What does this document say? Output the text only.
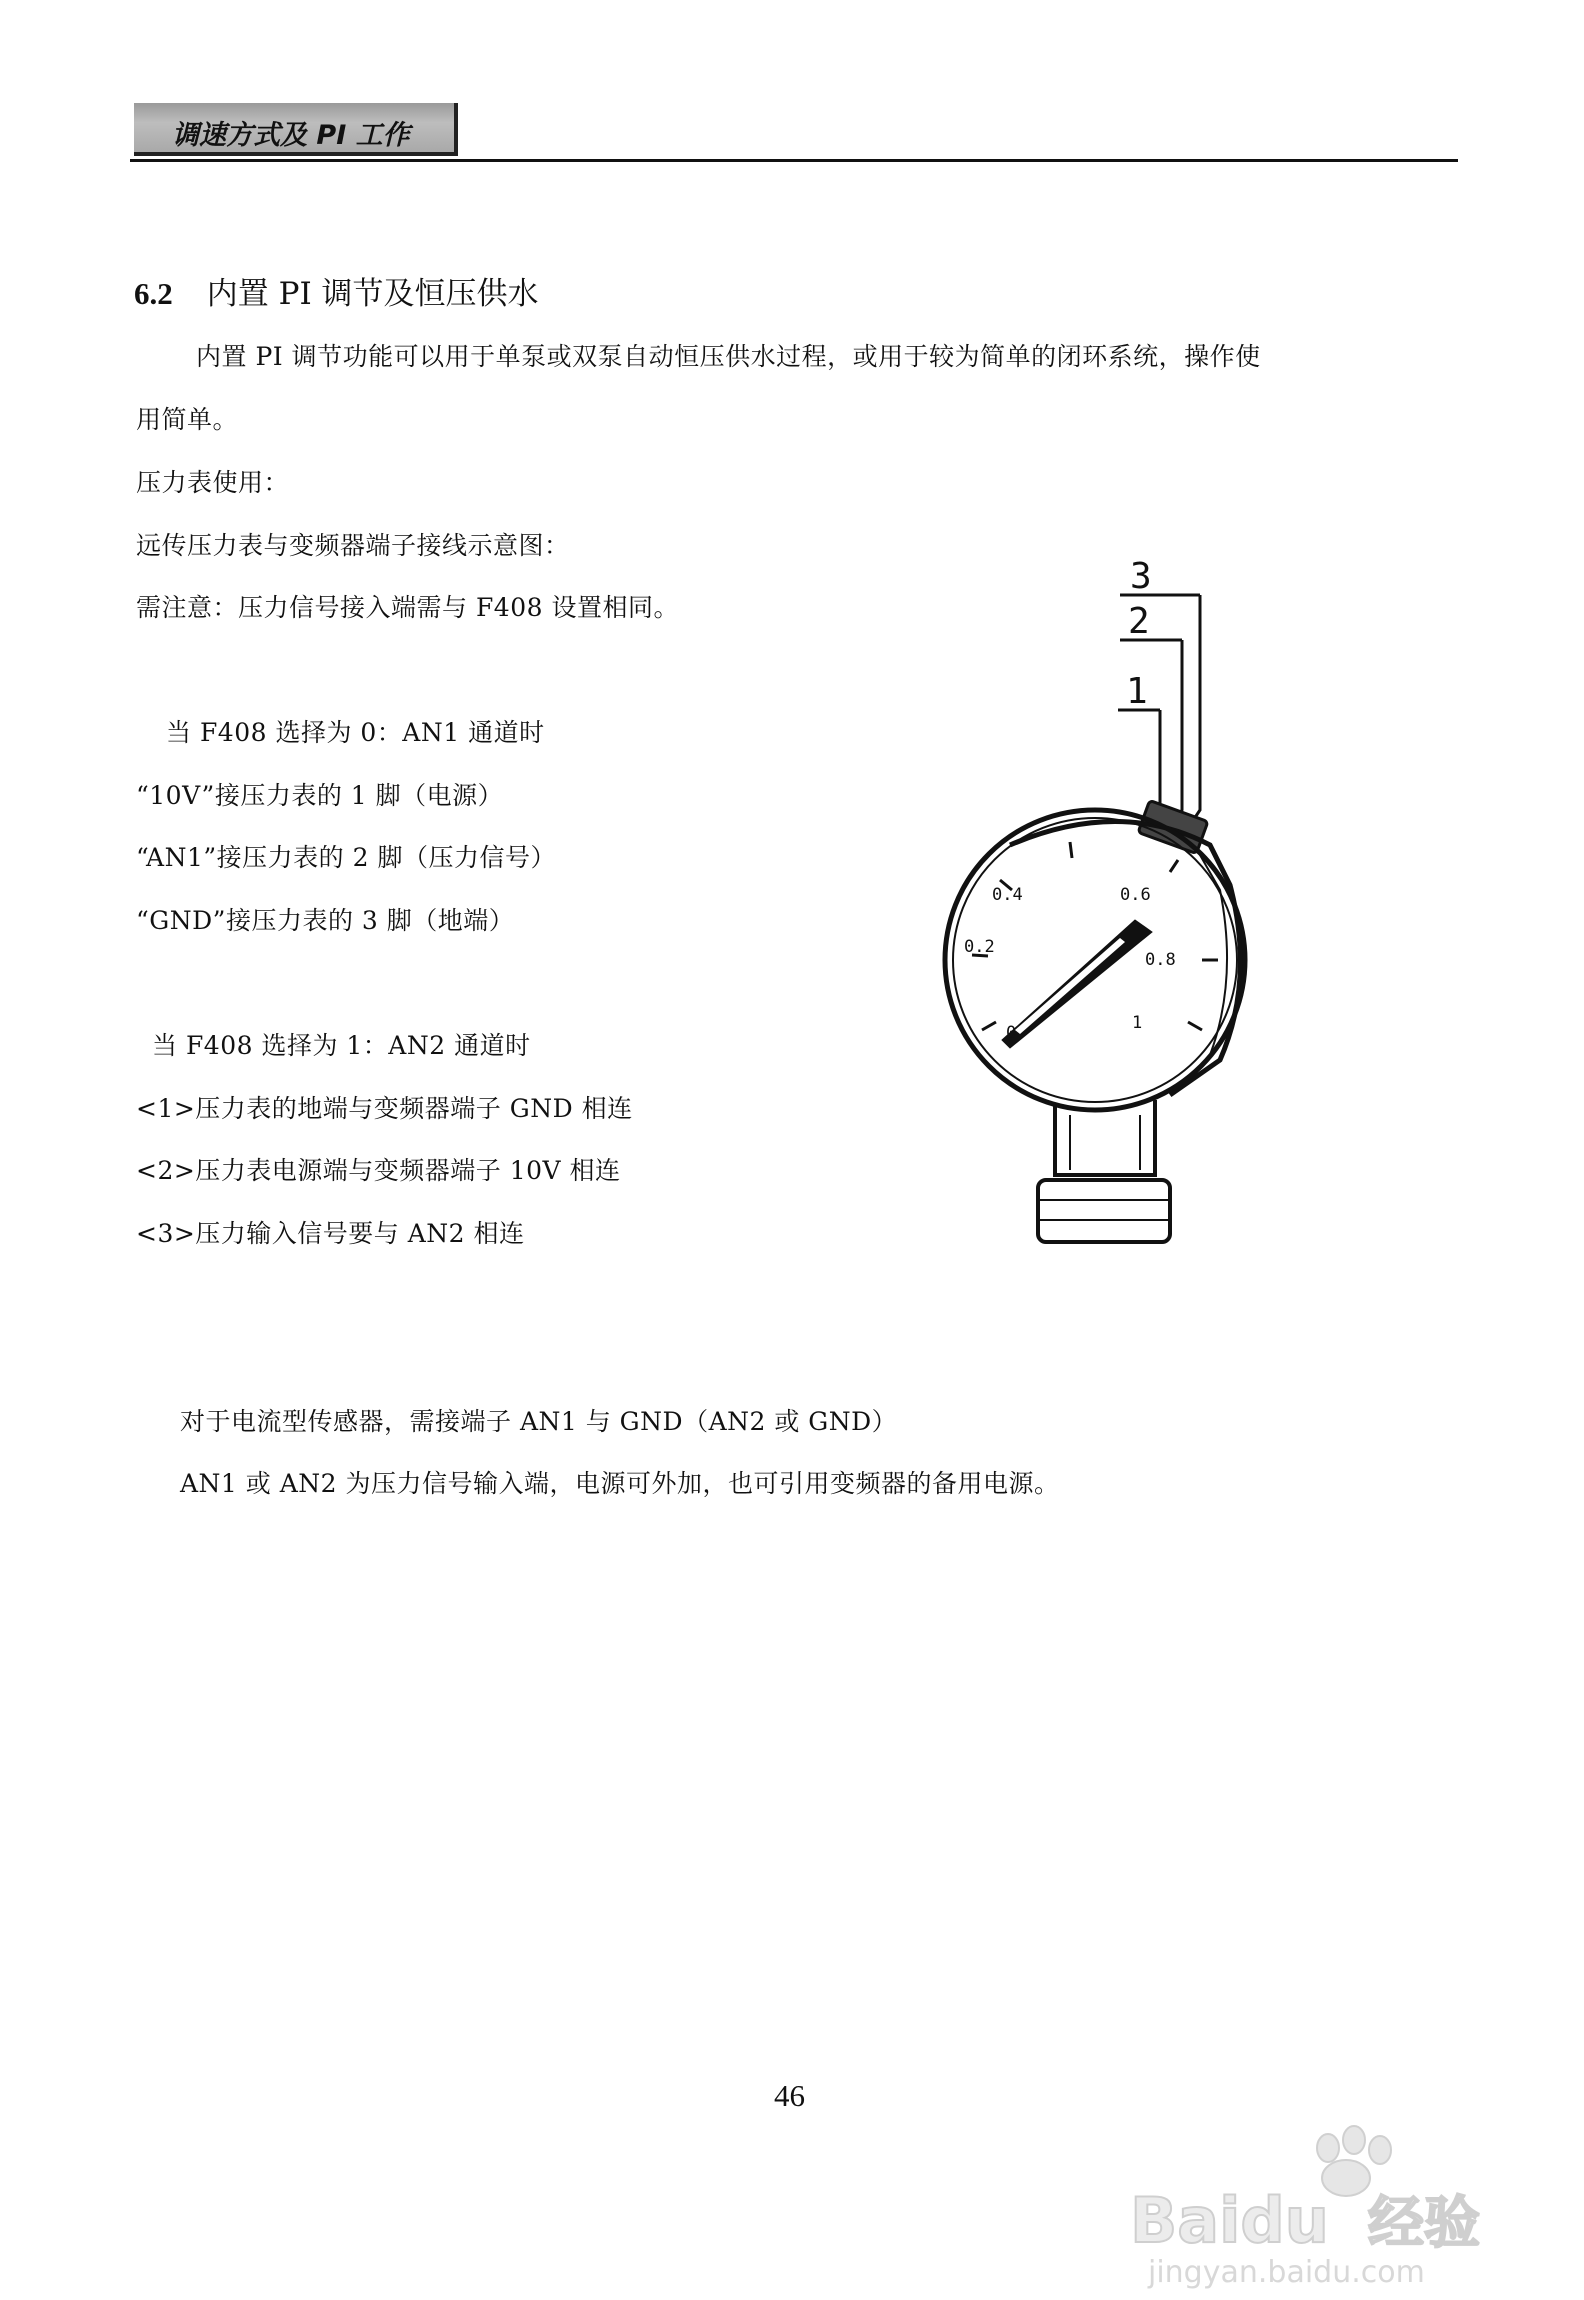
调速方式及 PI 工作
6.2 内置 PI 调节及恒压供水
内置 PI 调节功能可以用于单泵或双泵自动恒压供水过程，或用于较为简单的闭环系统，操作使
用简单。
压力表使用：
远传压力表与变频器端子接线示意图：
需注意：压力信号接入端需与 F408 设置相同。
当 F408 选择为 0：AN1 通道时
“10V”接压力表的 1 脚（电源）
“AN1”接压力表的 2 脚（压力信号）
“GND”接压力表的 3 脚（地端）
当 F408 选择为 1：AN2 通道时
<1>压力表的地端与变频器端子 GND 相连
<2>压力表电源端与变频器端子 10V 相连
<3>压力输入信号要与 AN2 相连
对于电流型传感器，需接端子 AN1 与 GND（AN2 或 GND）
AN1 或 AN2 为压力信号输入端，电源可外加，也可引用变频器的备用电源。
3
2
1
0
0.2
0.4	0.6
0.8
1
46
Baidu 经验
jingyan.baidu.com
